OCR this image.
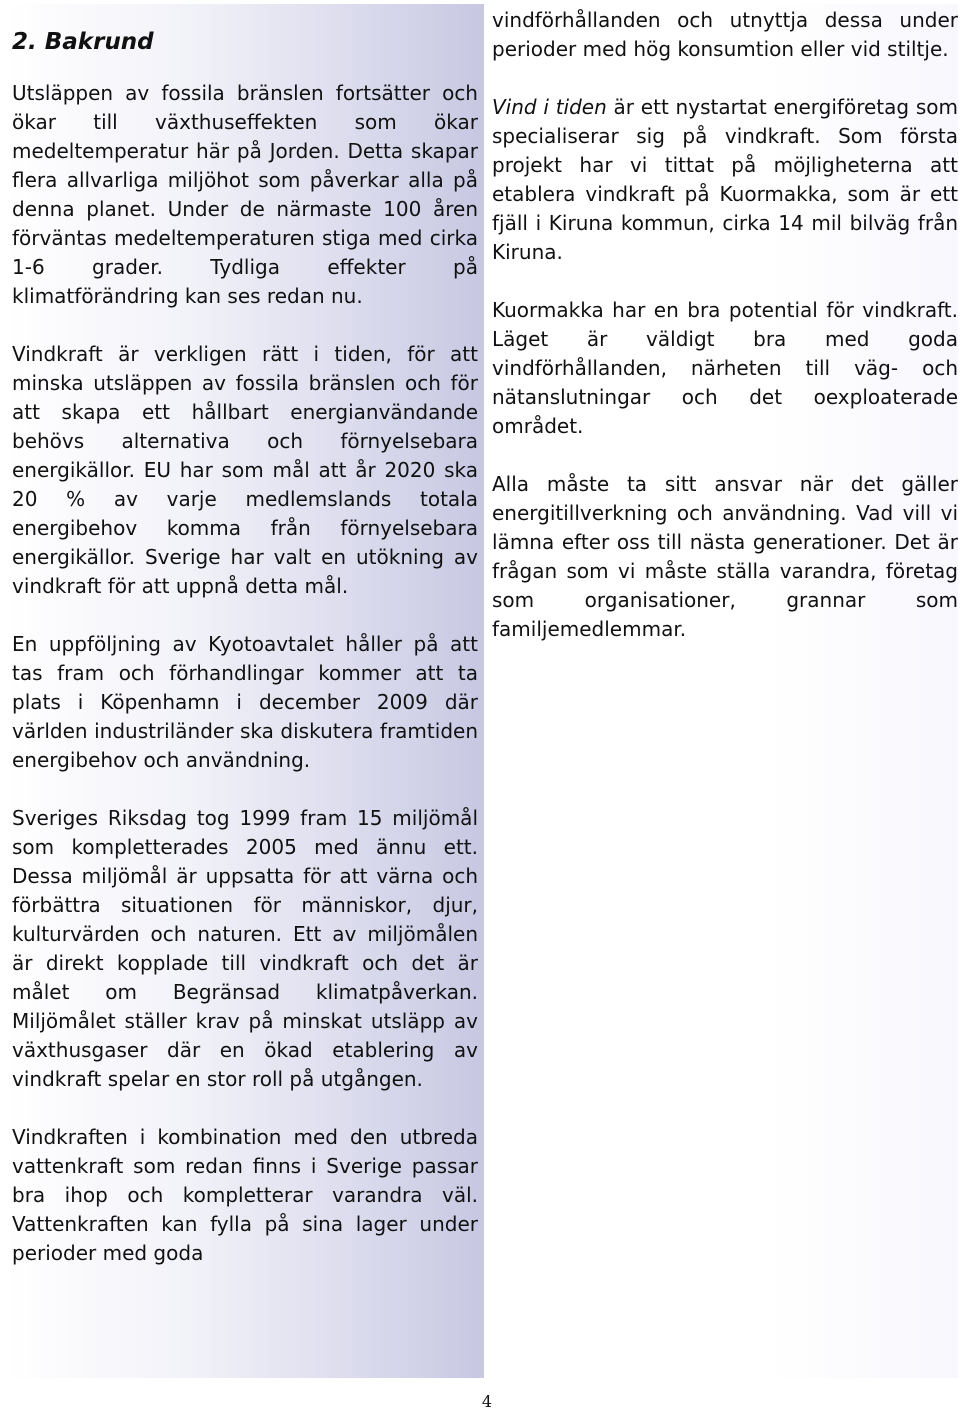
2. Bakrund

Utsläppen av fossila bränslen fortsätter och ökar till växthuseffekten som ökar medeltemperatur här på Jorden. Detta skapar flera allvarliga miljöhot som påverkar alla på denna planet. Under de närmaste 100 åren förväntas medeltemperaturen stiga med cirka 1-6 grader. Tydliga effekter på klimatförändring kan ses redan nu.

Vindkraft är verkligen rätt i tiden, för att minska utsläppen av fossila bränslen och för att skapa ett hållbart energianvändande behövs alternativa och förnyelsebara energikällor. EU har som mål att år 2020 ska 20 % av varje medlemslands totala energibehov komma från förnyelsebara energikällor. Sverige har valt en utökning av vindkraft för att uppnå detta mål.

En uppföljning av Kyotoavtalet håller på att tas fram och förhandlingar kommer att ta plats i Köpenhamn i december 2009 där världen industriländer ska diskutera framtiden energibehov och användning.

Sveriges Riksdag tog 1999 fram 15 miljömål som kompletterades 2005 med ännu ett. Dessa miljömål är uppsatta för att värna och förbättra situationen för människor, djur, kulturvärden och naturen. Ett av miljömålen är direkt kopplade till vindkraft och det är målet om Begränsad klimatpåverkan. Miljömålet ställer krav på minskat utsläpp av växthusgaser där en ökad etablering av vindkraft spelar en stor roll på utgången.

Vindkraften i kombination med den utbreda vattenkraft som redan finns i Sverige passar bra ihop och kompletterar varandra väl. Vattenkraften kan fylla på sina lager under perioder med goda

vindförhållanden och utnyttja dessa under perioder med hög konsumtion eller vid stiltje.

Vind i tiden är ett nystartat energiföretag som specialiserar sig på vindkraft. Som första projekt har vi tittat på möjligheterna att etablera vindkraft på Kuormakka, som är ett fjäll i Kiruna kommun, cirka 14 mil bilväg från Kiruna.

Kuormakka har en bra potential för vindkraft. Läget är väldigt bra med goda vindförhållanden, närheten till väg- och nätanslutningar och det oexploaterade området.

Alla måste ta sitt ansvar när det gäller energitillverkning och användning. Vad vill vi lämna efter oss till nästa generationer. Det är frågan som vi måste ställa varandra, företag som organisationer, grannar som familjemedlemmar.

4
